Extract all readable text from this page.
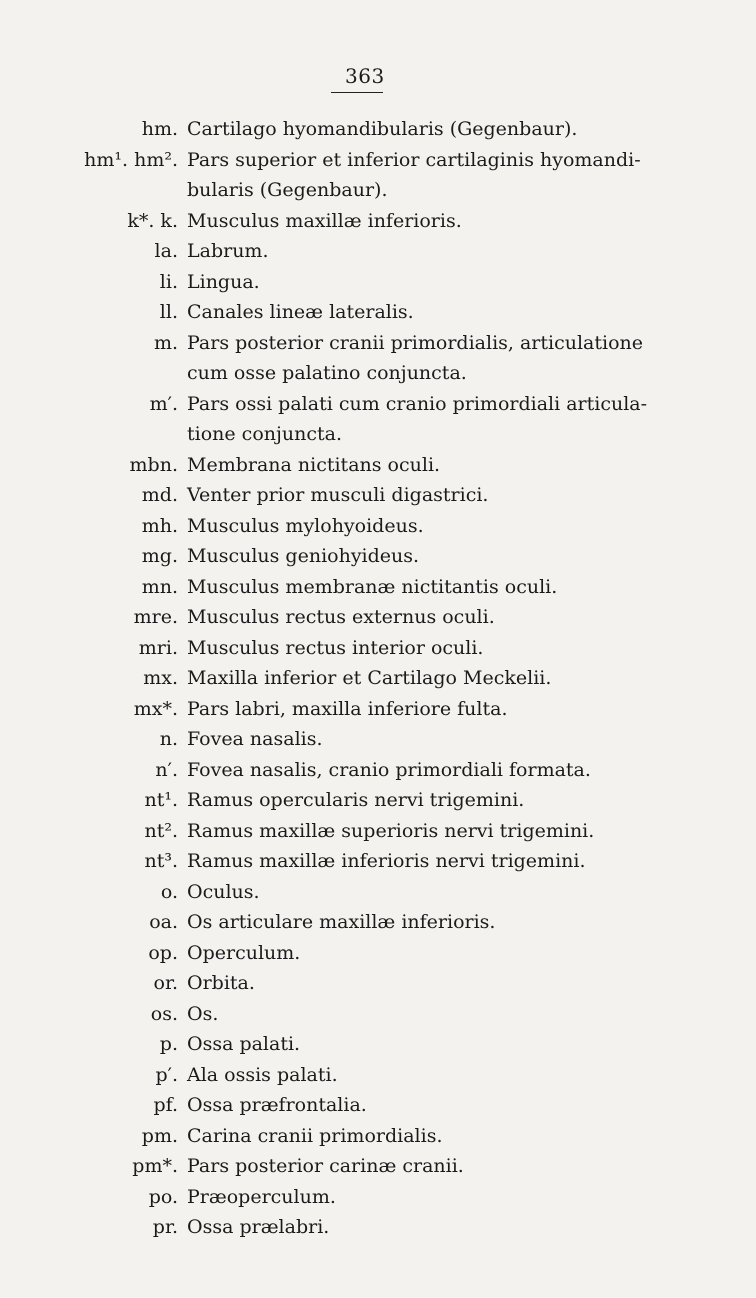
363
hm. Cartilago hyomandibularis (Gegenbaur).
hm¹. hm². Pars superior et inferior cartilaginis hyomandi-
bularis (Gegenbaur).
k*. k. Musculus maxillæ inferioris.
la. Labrum.
li. Lingua.
ll. Canales lineæ lateralis.
m. Pars posterior cranii primordialis, articulatione
cum osse palatino conjuncta.
m′. Pars ossi palati cum cranio primordiali articula-
tione conjuncta.
mbn. Membrana nictitans oculi.
md. Venter prior musculi digastrici.
mh. Musculus mylohyoideus.
mg. Musculus geniohyideus.
mn. Musculus membranæ nictitantis oculi.
mre. Musculus rectus externus oculi.
mri. Musculus rectus interior oculi.
mx. Maxilla inferior et Cartilago Meckelii.
mx*. Pars labri, maxilla inferiore fulta.
n. Fovea nasalis.
n′. Fovea nasalis, cranio primordiali formata.
nt¹. Ramus opercularis nervi trigemini.
nt². Ramus maxillæ superioris nervi trigemini.
nt³. Ramus maxillæ inferioris nervi trigemini.
o. Oculus.
oa. Os articulare maxillæ inferioris.
op. Operculum.
or. Orbita.
os. Os.
p. Ossa palati.
p′. Ala ossis palati.
pf. Ossa præfrontalia.
pm. Carina cranii primordialis.
pm*. Pars posterior carinæ cranii.
po. Præoperculum.
pr. Ossa prælabri.
